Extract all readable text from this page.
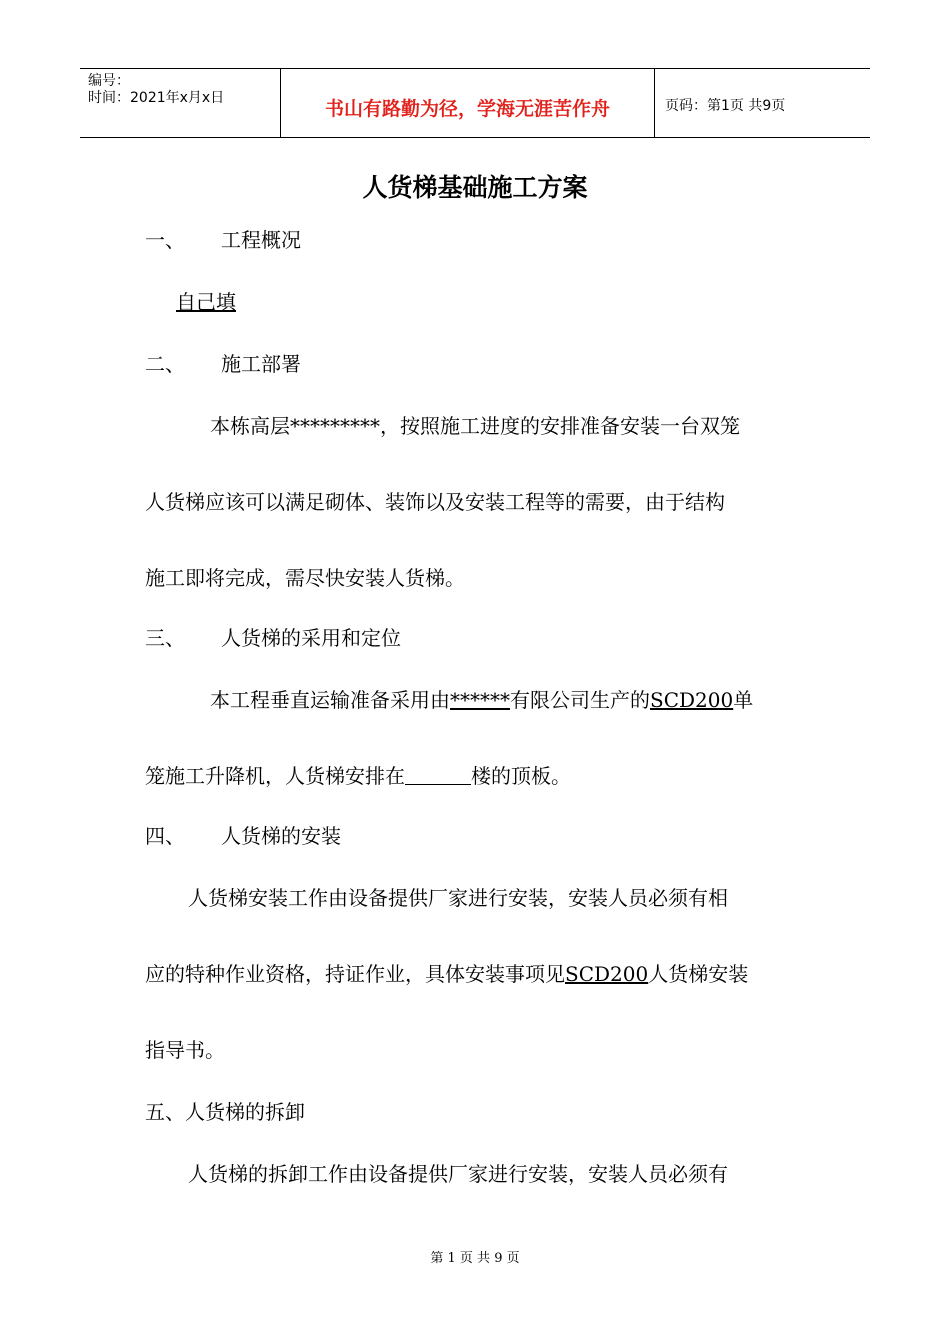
编号：
时间：2021年x月x日	书山有路勤为径，学海无涯苦作舟	页码：第1页 共9页
人货梯基础施工方案
一、 工程概况
自己填
二、 施工部署
本栋高层*********，按照施工进度的安排准备安装一台双笼
人货梯应该可以满足砌体、装饰以及安装工程等的需要，由于结构
施工即将完成，需尽快安装人货梯。
三、 人货梯的采用和定位
本工程垂直运输准备采用由******有限公司生产的SCD200单
笼施工升降机，人货梯安排在	楼的顶板。
四、 人货梯的安装
人货梯安装工作由设备提供厂家进行安装，安装人员必须有相
应的特种作业资格，持证作业，具体安装事项见SCD200人货梯安装
指导书。
五、人货梯的拆卸
人货梯的拆卸工作由设备提供厂家进行安装，安装人员必须有
第 1 页 共 9 页
